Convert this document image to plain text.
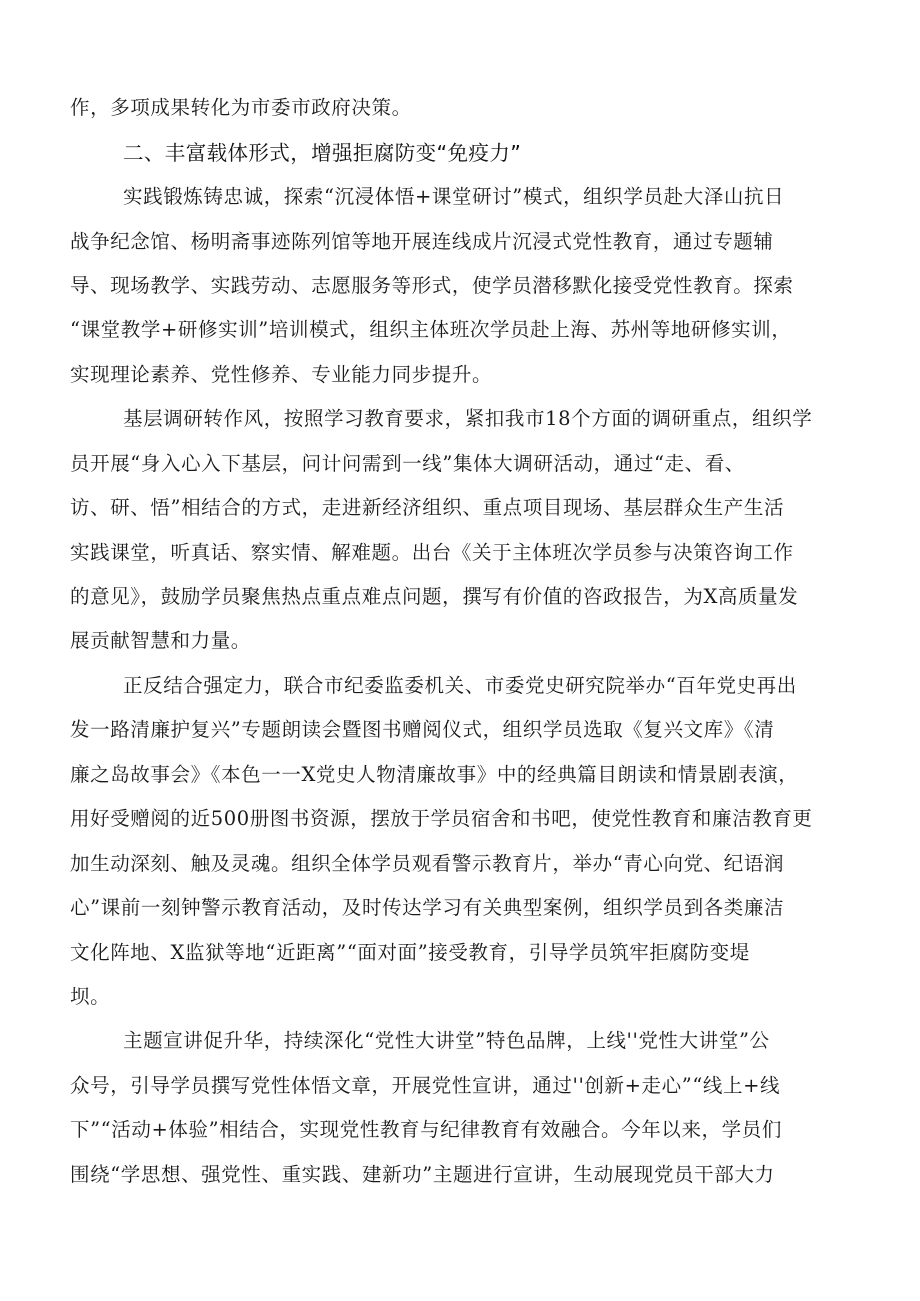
作，多项成果转化为市委市政府决策。
二、丰富载体形式，增强拒腐防变“免疫力”
实践锻炼铸忠诚，探索“沉浸体悟+课堂研讨”模式，组织学员赴大泽山抗日
战争纪念馆、杨明斋事迹陈列馆等地开展连线成片沉浸式党性教育，通过专题辅
导、现场教学、实践劳动、志愿服务等形式，使学员潜移默化接受党性教育。探索
“课堂教学+研修实训”培训模式，组织主体班次学员赴上海、苏州等地研修实训，
实现理论素养、党性修养、专业能力同步提升。
基层调研转作风，按照学习教育要求，紧扣我市18个方面的调研重点，组织学
员开展“身入心入下基层，问计问需到一线”集体大调研活动，通过“走、看、
访、研、悟”相结合的方式，走进新经济组织、重点项目现场、基层群众生产生活
实践课堂，听真话、察实情、解难题。出台《关于主体班次学员参与决策咨询工作
的意见》，鼓励学员聚焦热点重点难点问题，撰写有价值的咨政报告，为X高质量发
展贡献智慧和力量。
正反结合强定力，联合市纪委监委机关、市委党史研究院举办“百年党史再出
发一路清廉护复兴”专题朗读会暨图书赠阅仪式，组织学员选取《复兴文库》《清
廉之岛故事会》《本色一一X党史人物清廉故事》中的经典篇目朗读和情景剧表演，
用好受赠阅的近500册图书资源，摆放于学员宿舍和书吧，使党性教育和廉洁教育更
加生动深刻、触及灵魂。组织全体学员观看警示教育片，举办“青心向党、纪语润
心”课前一刻钟警示教育活动，及时传达学习有关典型案例，组织学员到各类廉洁
文化阵地、X监狱等地“近距离”“面对面”接受教育，引导学员筑牢拒腐防变堤
坝。
主题宣讲促升华，持续深化“党性大讲堂”特色品牌，上线''党性大讲堂”公
众号，引导学员撰写党性体悟文章，开展党性宣讲，通过''创新+走心”“线上+线
下”“活动+体验”相结合，实现党性教育与纪律教育有效融合。今年以来，学员们
围绕“学思想、强党性、重实践、建新功”主题进行宣讲，生动展现党员干部大力
